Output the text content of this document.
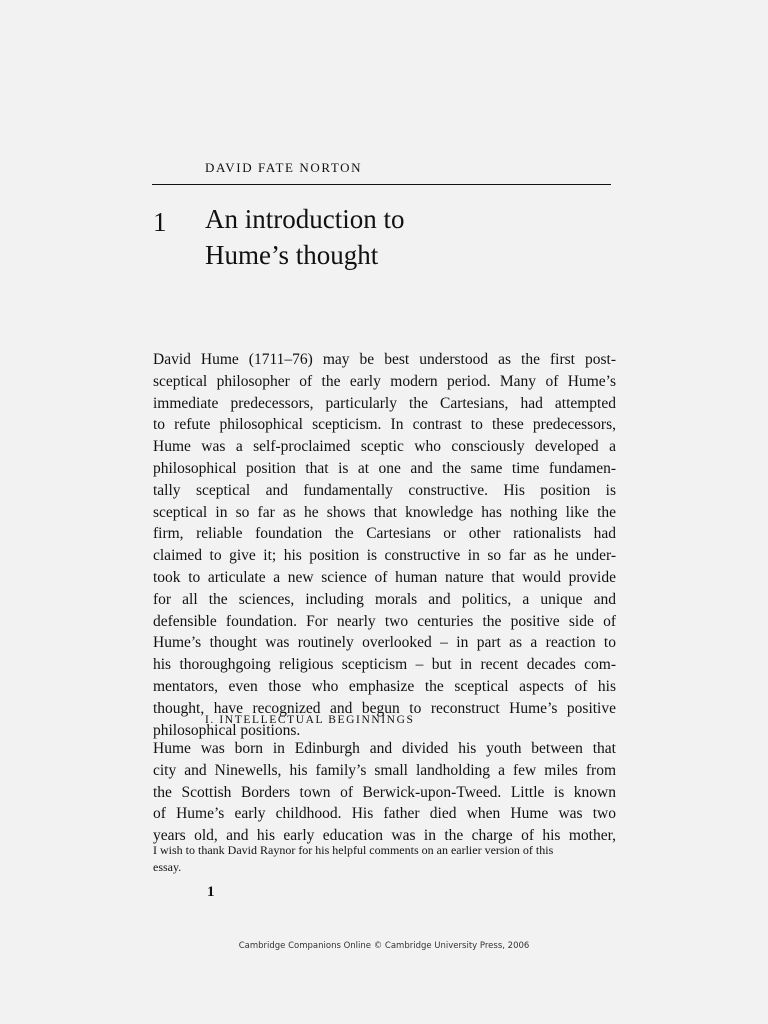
DAVID FATE NORTON
1 An introduction to
Hume’s thought
David Hume (1711–76) may be best understood as the first post-
sceptical philosopher of the early modern period. Many of Hume’s
immediate predecessors, particularly the Cartesians, had attempted
to refute philosophical scepticism. In contrast to these predecessors,
Hume was a self-proclaimed sceptic who consciously developed a
philosophical position that is at one and the same time fundamen-
tally sceptical and fundamentally constructive. His position is
sceptical in so far as he shows that knowledge has nothing like the
firm, reliable foundation the Cartesians or other rationalists had
claimed to give it; his position is constructive in so far as he under-
took to articulate a new science of human nature that would provide
for all the sciences, including morals and politics, a unique and
defensible foundation. For nearly two centuries the positive side of
Hume’s thought was routinely overlooked – in part as a reaction to
his thoroughgoing religious scepticism – but in recent decades com-
mentators, even those who emphasize the sceptical aspects of his
thought, have recognized and begun to reconstruct Hume’s positive
philosophical positions.
I. INTELLECTUAL BEGINNINGS
Hume was born in Edinburgh and divided his youth between that
city and Ninewells, his family’s small landholding a few miles from
the Scottish Borders town of Berwick-upon-Tweed. Little is known
of Hume’s early childhood. His father died when Hume was two
years old, and his early education was in the charge of his mother,
I wish to thank David Raynor for his helpful comments on an earlier version of this
essay.
1
Cambridge Companions Online © Cambridge University Press, 2006
